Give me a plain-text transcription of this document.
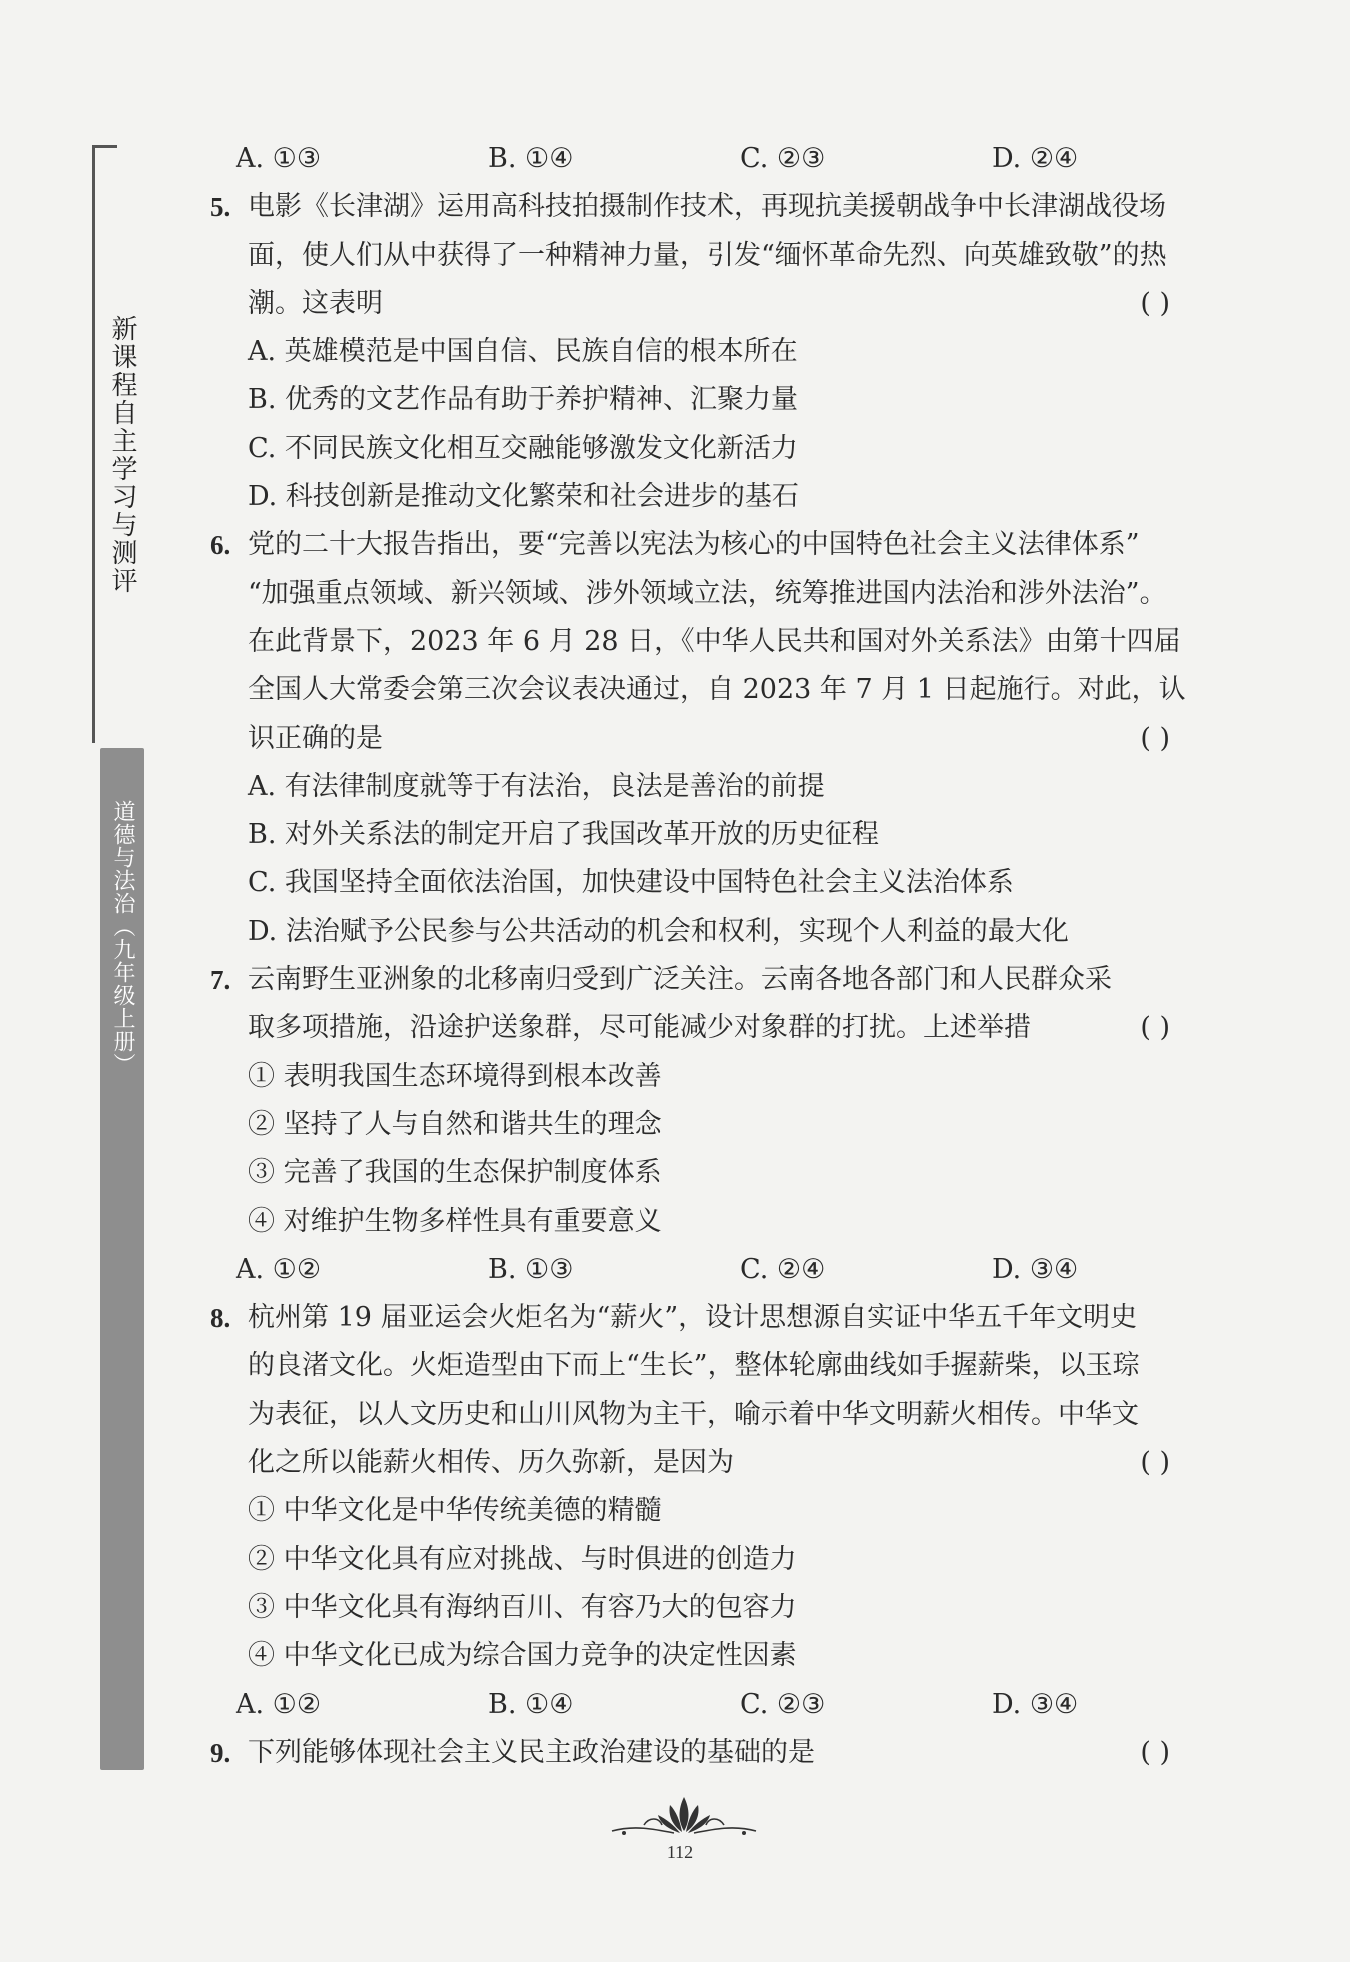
新课程自主学习与测评
道德与法治（九年级上册）
A. ①③	B. ①④	C. ②③	D. ②④
5. 电影《长津湖》运用高科技拍摄制作技术，再现抗美援朝战争中长津湖战役场
面，使人们从中获得了一种精神力量，引发“缅怀革命先烈、向英雄致敬”的热
潮。这表明	( )
A. 英雄模范是中国自信、民族自信的根本所在
B. 优秀的文艺作品有助于养护精神、汇聚力量
C. 不同民族文化相互交融能够激发文化新活力
D. 科技创新是推动文化繁荣和社会进步的基石
6. 党的二十大报告指出，要“完善以宪法为核心的中国特色社会主义法律体系”
“加强重点领域、新兴领域、涉外领域立法，统筹推进国内法治和涉外法治”。
在此背景下，2023 年 6 月 28 日，《中华人民共和国对外关系法》由第十四届
全国人大常委会第三次会议表决通过，自 2023 年 7 月 1 日起施行。对此，认
识正确的是	( )
A. 有法律制度就等于有法治，良法是善治的前提
B. 对外关系法的制定开启了我国改革开放的历史征程
C. 我国坚持全面依法治国，加快建设中国特色社会主义法治体系
D. 法治赋予公民参与公共活动的机会和权利，实现个人利益的最大化
7. 云南野生亚洲象的北移南归受到广泛关注。云南各地各部门和人民群众采
取多项措施，沿途护送象群，尽可能减少对象群的打扰。上述举措	( )
① 表明我国生态环境得到根本改善
② 坚持了人与自然和谐共生的理念
③ 完善了我国的生态保护制度体系
④ 对维护生物多样性具有重要意义
A. ①②	B. ①③	C. ②④	D. ③④
8. 杭州第 19 届亚运会火炬名为“薪火”，设计思想源自实证中华五千年文明史
的良渚文化。火炬造型由下而上“生长”，整体轮廓曲线如手握薪柴，以玉琮
为表征，以人文历史和山川风物为主干，喻示着中华文明薪火相传。中华文
化之所以能薪火相传、历久弥新，是因为	( )
① 中华文化是中华传统美德的精髓
② 中华文化具有应对挑战、与时俱进的创造力
③ 中华文化具有海纳百川、有容乃大的包容力
④ 中华文化已成为综合国力竞争的决定性因素
A. ①②	B. ①④	C. ②③	D. ③④
9. 下列能够体现社会主义民主政治建设的基础的是	( )
112
